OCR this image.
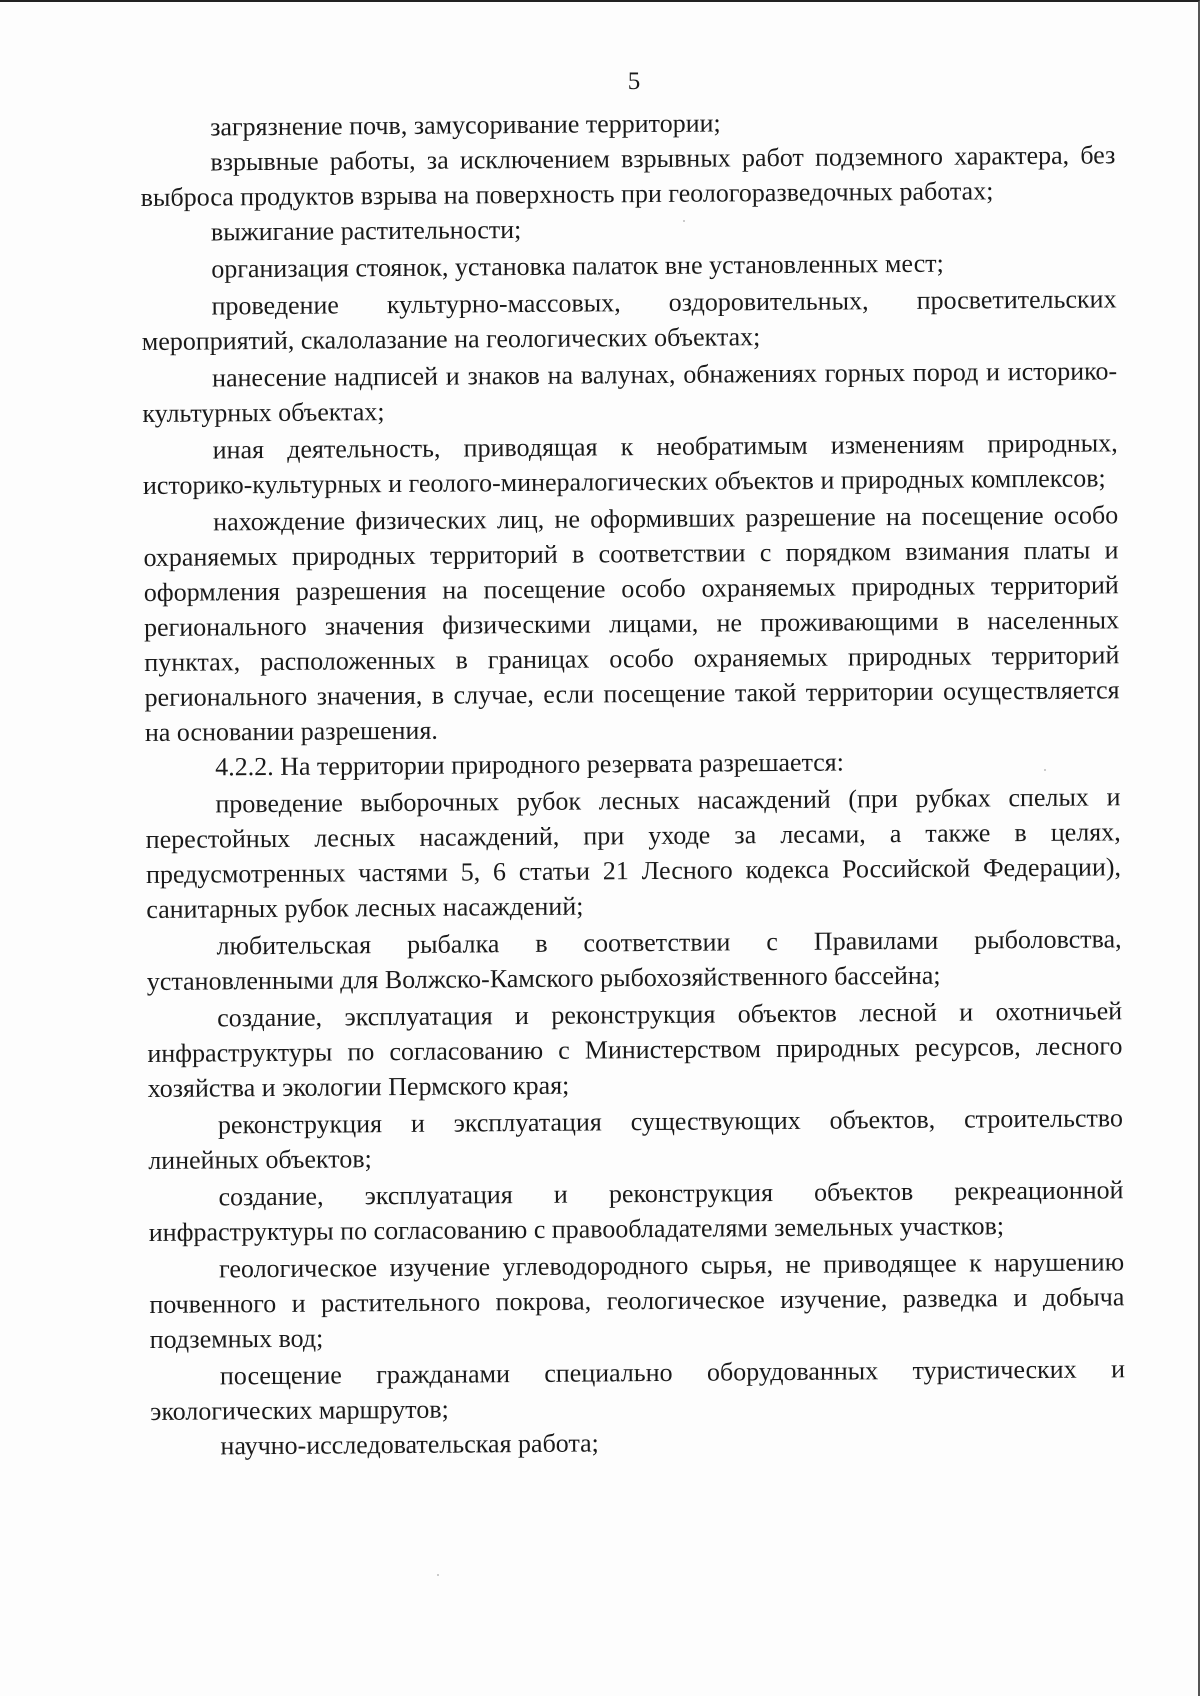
5

загрязнение почв, замусоривание территории;

взрывные работы, за исключением взрывных работ подземного характера, без выброса продуктов взрыва на поверхность при геологоразведочных работах;

выжигание растительности;

организация стоянок, установка палаток вне установленных мест;

проведение культурно-массовых, оздоровительных, просветительских мероприятий, скалолазание на геологических объектах;

нанесение надписей и знаков на валунах, обнажениях горных пород и историко-культурных объектах;

иная деятельность, приводящая к необратимым изменениям природных, историко-культурных и геолого-минералогических объектов и природных комплексов;

нахождение физических лиц, не оформивших разрешение на посещение особо охраняемых природных территорий в соответствии с порядком взимания платы и оформления разрешения на посещение особо охраняемых природных территорий регионального значения физическими лицами, не проживающими в населенных пунктах, расположенных в границах особо охраняемых природных территорий регионального значения, в случае, если посещение такой территории осуществляется на основании разрешения.

4.2.2. На территории природного резервата разрешается:

проведение выборочных рубок лесных насаждений (при рубках спелых и перестойных лесных насаждений, при уходе за лесами, а также в целях, предусмотренных частями 5, 6 статьи 21 Лесного кодекса Российской Федерации), санитарных рубок лесных насаждений;

любительская рыбалка в соответствии с Правилами рыболовства, установленными для Волжско-Камского рыбохозяйственного бассейна;

создание, эксплуатация и реконструкция объектов лесной и охотничьей инфраструктуры по согласованию с Министерством природных ресурсов, лесного хозяйства и экологии Пермского края;

реконструкция и эксплуатация существующих объектов, строительство линейных объектов;

создание, эксплуатация и реконструкция объектов рекреационной инфраструктуры по согласованию с правообладателями земельных участков;

геологическое изучение углеводородного сырья, не приводящее к нарушению почвенного и растительного покрова, геологическое изучение, разведка и добыча подземных вод;

посещение гражданами специально оборудованных туристических и экологических маршрутов;

научно-исследовательская работа;
